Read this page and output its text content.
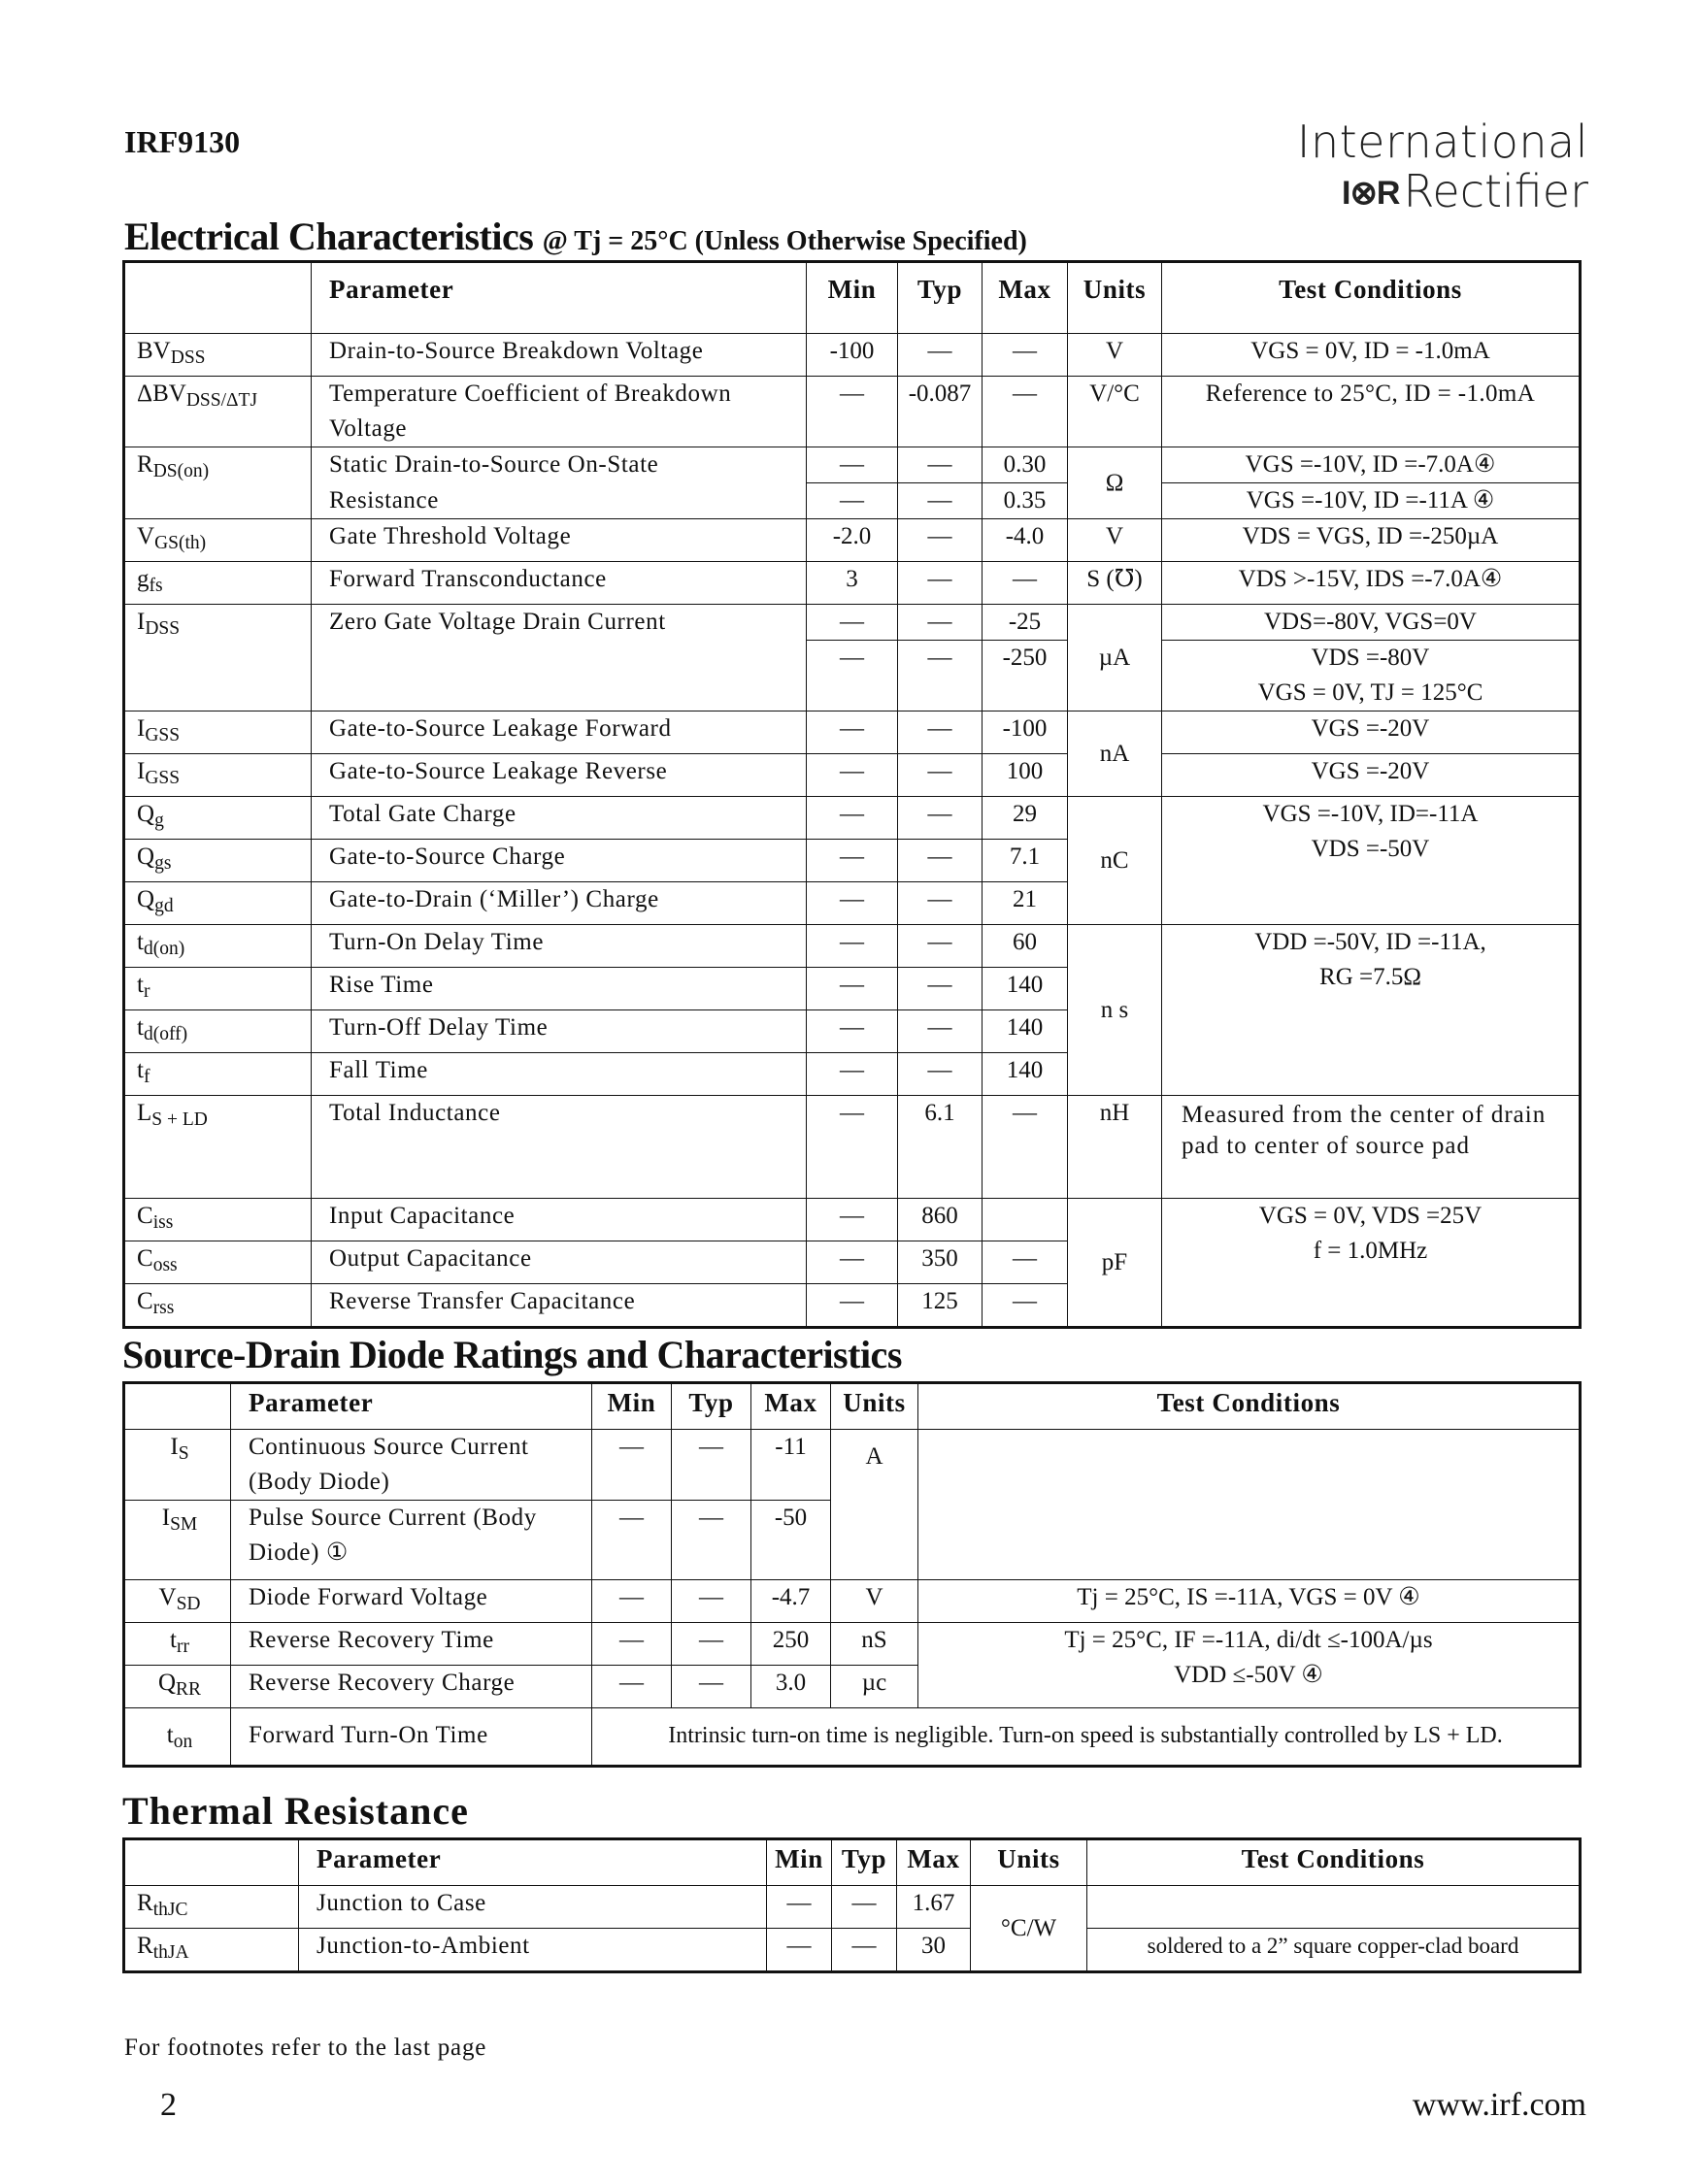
IRF9130	International
I⊗RRectifier
Electrical Characteristics @ Tj = 25°C (Unless Otherwise Specified)
	Parameter	Min	Typ	Max	Units	Test Conditions
$BV_{DSS}$	Drain-to-Source Breakdown Voltage	-100	—	—	V	VGS = 0V, ID = -1.0mA

$\Delta BV_{DSS/\Delta TJ}$	Temperature Coefficient of Breakdown Voltage	—	-0.087	—	V/°C	Reference to 25°C, ID = -1.0mA

$R_{DS(on)}$	Static Drain-to-Source On-State	—	—	0.30	Ω	VGS =-10V, ID =-7.0A④

	Resistance	—	—	0.35		VGS =-10V, ID =-11A ④

$V_{GS(th)}$	Gate Threshold Voltage	-2.0	—	-4.0	V	VDS = VGS, ID =-250µA

$g_{fs}$	Forward Transconductance	3	—	—	S (℧)	VDS >-15V, IDS =-7.0A④

$I_{DSS}$	Zero Gate Voltage Drain Current	—	—	-25	µA	VDS=-80V, VGS=0V

		—	—	-250		VDS =-80V
VGS = 0V, TJ = 125°C

$I_{GSS}$	Gate-to-Source Leakage Forward	—	—	-100	nA	VGS =-20V

$I_{GSS}$	Gate-to-Source Leakage Reverse	—	—	100		VGS =-20V

$Q_g$	Total Gate Charge	—	—	29	nC	VGS =-10V, ID=-11A
VDS =-50V

$Q_{gs}$	Gate-to-Source Charge	—	—	7.1		
$Q_{gd}$	Gate-to-Drain (‘Miller’) Charge	—	—	21		
$t_{d(on)}$	Turn-On Delay Time	—	—	60	n s	VDD =-50V, ID =-11A,
RG =7.5Ω

$t_r$	Rise Time	—	—	140		
$t_{d(off)}$	Turn-Off Delay Time	—	—	140		
$t_f$	Fall Time	—	—	140		
$L_{S + LD}$	Total Inductance	—	6.1	—	nH	Measured from the center of drain pad to center of source pad

$C_{iss}$	Input Capacitance	—	860		pF	VGS = 0V, VDS =25V
f = 1.0MHz

$C_{oss}$	Output Capacitance	—	350	—		
$C_{rss}$	Reverse Transfer Capacitance	—	125	—		
Source-Drain Diode Ratings and Characteristics
	Parameter	Min	Typ	Max	Units	Test Conditions
$I_S$	Continuous Source Current (Body Diode)	—	—	-11	A	

$I_{SM}$	Pulse Source Current (Body Diode) ①	—	—	-50		
$V_{SD}$	Diode Forward Voltage	—	—	-4.7	V	Tj = 25°C, IS =-11A, VGS = 0V ④

$t_{rr}$	Reverse Recovery Time	—	—	250	nS	Tj = 25°C, IF =-11A, di/dt ≤-100A/µs
VDD ≤-50V ④

$Q_{RR}$	Reverse Recovery Charge	—	—	3.0	µc	
$t_{on}$	Forward Turn-On Time	Intrinsic turn-on time is negligible. Turn-on speed is substantially controlled by LS + LD.				
Thermal Resistance
	Parameter	Min	Typ	Max	Units	Test Conditions
$R_{thJC}$	Junction to Case	—	—	1.67	°C/W	

$R_{thJA}$	Junction-to-Ambient	—	—	30		soldered to a 2” square copper-clad board
For footnotes refer to the last page
2	www.irf.com
